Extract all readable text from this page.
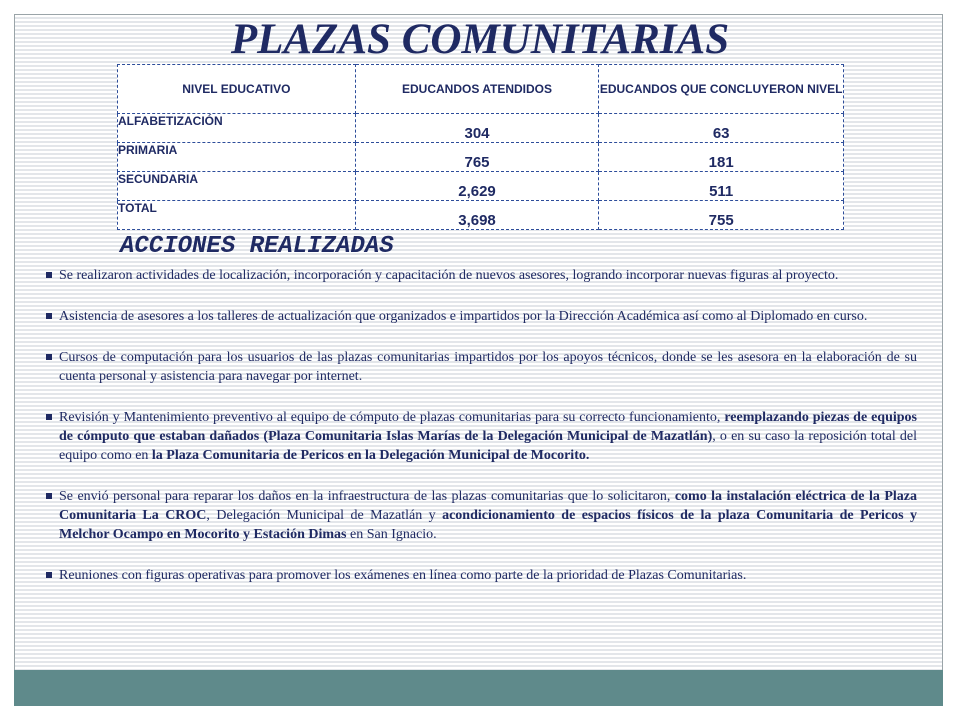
PLAZAS COMUNITARIAS
NIVEL EDUCATIVO	EDUCANDOS ATENDIDOS	EDUCANDOS QUE CONCLUYERON NIVEL
ALFABETIZACIÓN	304	63
PRIMARIA	765	181
SECUNDARIA	2,629	511
TOTAL	3,698	755
ACCIONES REALIZADAS
Se realizaron actividades de localización, incorporación y capacitación de nuevos asesores, logrando incorporar nuevas figuras al proyecto.
Asistencia de asesores a los talleres de actualización que organizados e impartidos por la Dirección Académica así como al Diplomado en curso.
Cursos de computación para los usuarios de las plazas comunitarias impartidos por los apoyos técnicos, donde se les asesora en la elaboración de su cuenta personal y asistencia para navegar por internet.
Revisión y Mantenimiento preventivo al equipo de cómputo de plazas comunitarias para su correcto funcionamiento, reemplazando piezas de equipos de cómputo que estaban dañados (Plaza Comunitaria Islas Marías de la Delegación Municipal de Mazatlán), o en su caso la reposición total del equipo como en la Plaza Comunitaria de Pericos en la Delegación Municipal de Mocorito.
Se envió personal para reparar los daños en la infraestructura de las plazas comunitarias que lo solicitaron, como la instalación eléctrica de la Plaza Comunitaria La CROC, Delegación Municipal de Mazatlán y acondicionamiento de espacios físicos de la plaza Comunitaria de Pericos y Melchor Ocampo en Mocorito y Estación Dimas en San Ignacio.
Reuniones con figuras operativas para promover los exámenes en línea como parte de la prioridad de Plazas Comunitarias.
